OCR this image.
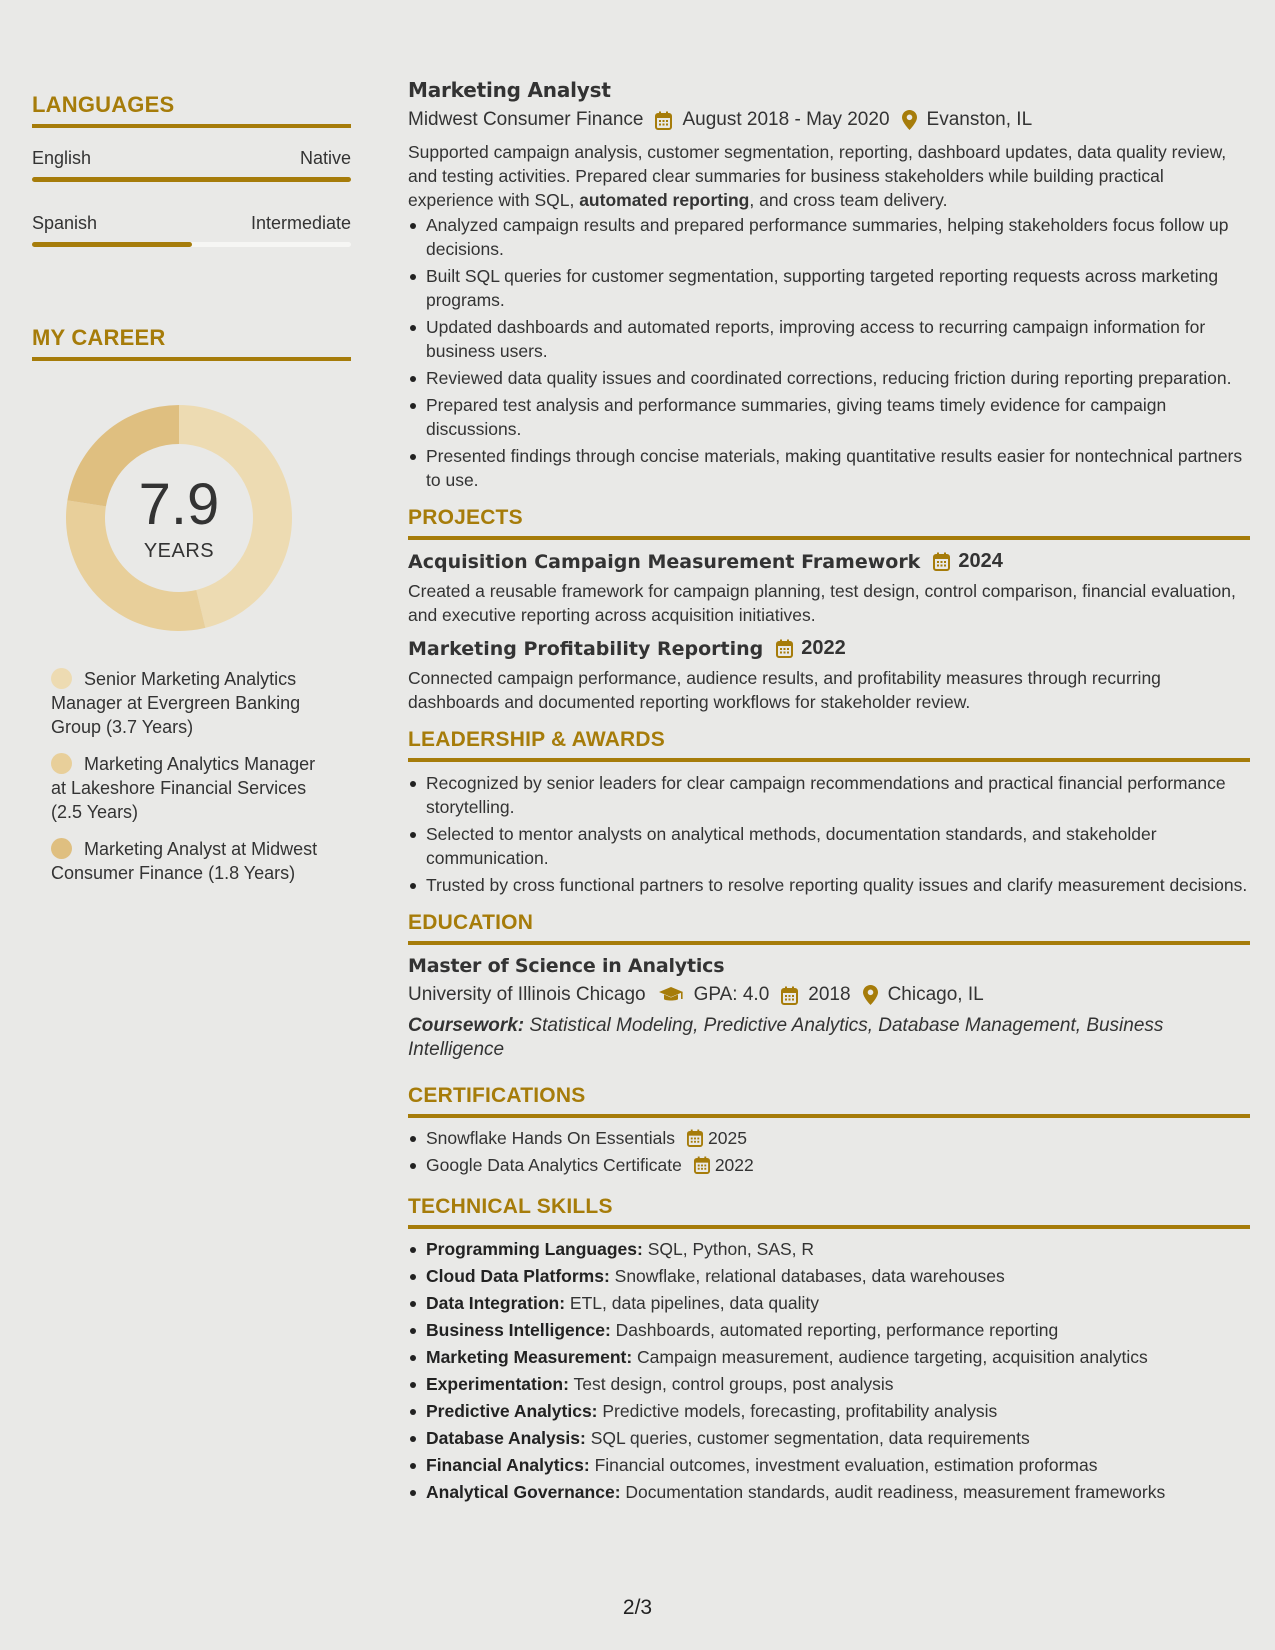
LANGUAGES
English	Native
Spanish	Intermediate
MY CAREER
7.9
YEARS
Senior Marketing Analytics Manager at Evergreen Banking Group (3.7 Years)
Marketing Analytics Manager at Lakeshore Financial Services (2.5 Years)
Marketing Analyst at Midwest Consumer Finance (1.8 Years)
Marketing Analyst
Midwest Consumer Finance August 2018 - May 2020 Evanston, IL
Supported campaign analysis, customer segmentation, reporting, dashboard updates, data quality review, and testing activities. Prepared clear summaries for business stakeholders while building practical experience with SQL, automated reporting, and cross team delivery.
Analyzed campaign results and prepared performance summaries, helping stakeholders focus follow up decisions.
Built SQL queries for customer segmentation, supporting targeted reporting requests across marketing programs.
Updated dashboards and automated reports, improving access to recurring campaign information for business users.
Reviewed data quality issues and coordinated corrections, reducing friction during reporting preparation.
Prepared test analysis and performance summaries, giving teams timely evidence for campaign discussions.
Presented findings through concise materials, making quantitative results easier for nontechnical partners to use.
PROJECTS
Acquisition Campaign Measurement Framework 2024
Created a reusable framework for campaign planning, test design, control comparison, financial evaluation, and executive reporting across acquisition initiatives.
Marketing Profitability Reporting 2022
Connected campaign performance, audience results, and profitability measures through recurring dashboards and documented reporting workflows for stakeholder review.
LEADERSHIP & AWARDS
Recognized by senior leaders for clear campaign recommendations and practical financial performance storytelling.
Selected to mentor analysts on analytical methods, documentation standards, and stakeholder communication.
Trusted by cross functional partners to resolve reporting quality issues and clarify measurement decisions.
EDUCATION
Master of Science in Analytics
University of Illinois Chicago	GPA: 4.0 2018 Chicago, IL
Coursework: Statistical Modeling, Predictive Analytics, Database Management, Business Intelligence
CERTIFICATIONS
Snowflake Hands On Essentials 2025
Google Data Analytics Certificate 2022
TECHNICAL SKILLS
Programming Languages: SQL, Python, SAS, R
Cloud Data Platforms: Snowflake, relational databases, data warehouses
Data Integration: ETL, data pipelines, data quality
Business Intelligence: Dashboards, automated reporting, performance reporting
Marketing Measurement: Campaign measurement, audience targeting, acquisition analytics
Experimentation: Test design, control groups, post analysis
Predictive Analytics: Predictive models, forecasting, profitability analysis
Database Analysis: SQL queries, customer segmentation, data requirements
Financial Analytics: Financial outcomes, investment evaluation, estimation proformas
Analytical Governance: Documentation standards, audit readiness, measurement frameworks
2/3
